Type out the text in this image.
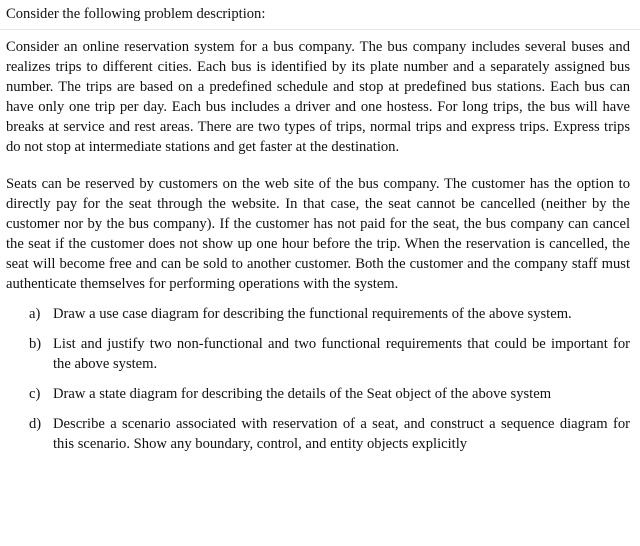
Consider the following problem description:

Consider an online reservation system for a bus company. The bus company includes several buses and realizes trips to different cities. Each bus is identified by its plate number and a separately assigned bus number. The trips are based on a predefined schedule and stop at predefined bus stations. Each bus can have only one trip per day. Each bus includes a driver and one hostess. For long trips, the bus will have breaks at service and rest areas. There are two types of trips, normal trips and express trips. Express trips do not stop at intermediate stations and get faster at the destination.

Seats can be reserved by customers on the web site of the bus company. The customer has the option to directly pay for the seat through the website. In that case, the seat cannot be cancelled (neither by the customer nor by the bus company). If the customer has not paid for the seat, the bus company can cancel the seat if the customer does not show up one hour before the trip. When the reservation is cancelled, the seat will become free and can be sold to another customer. Both the customer and the company staff must authenticate themselves for performing operations with the system.

a) Draw a use case diagram for describing the functional requirements of the above system.
b) List and justify two non-functional and two functional requirements that could be important for the above system.
c) Draw a state diagram for describing the details of the Seat object of the above system
d) Describe a scenario associated with reservation of a seat, and construct a sequence diagram for this scenario. Show any boundary, control, and entity objects explicitly
